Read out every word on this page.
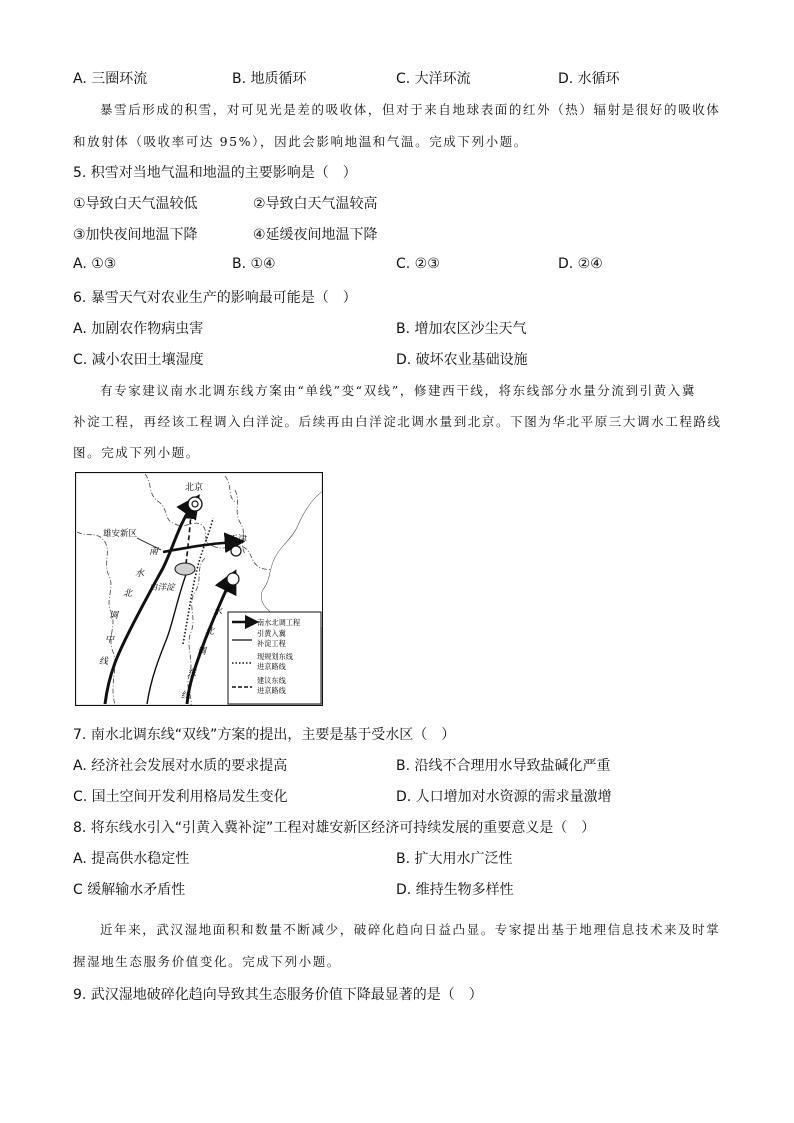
A. 三圈环流	B. 地质循环	C. 大洋环流	D. 水循环
暴雪后形成的积雪，对可见光是差的吸收体，但对于来自地球表面的红外（热）辐射是很好的吸收体
和放射体（吸收率可达 95%），因此会影响地温和气温。完成下列小题。
5. 积雪对当地气温和地温的主要影响是（　）
①导致白天气温较低	②导致白天气温较高
③加快夜间地温下降	④延缓夜间地温下降
A. ①③	B. ①④	C. ②③	D. ②④
6. 暴雪天气对农业生产的影响最可能是（　）
A. 加剧农作物病虫害	B. 增加农区沙尘天气
C. 减小农田土壤湿度	D. 破坏农业基础设施
有专家建议南水北调东线方案由“单线”变“双线”，修建西干线，将东线部分水量分流到引黄入冀
补淀工程，再经该工程调入白洋淀。后续再由白洋淀北调水量到北京。下图为华北平原三大调水工程路线
图。完成下列小题。
北京
天津
雄安新区
白洋淀
南
水
北
调
中
线
南
水
北
调
东
线
南水北调工程
引黄入冀
补淀工程
现规划东线
进京路线
建议东线
进京路线
7. 南水北调东线“双线”方案的提出，主要是基于受水区（　）
A. 经济社会发展对水质的要求提高	B. 沿线不合理用水导致盐碱化严重
C. 国土空间开发利用格局发生变化	D. 人口增加对水资源的需求量激增
8. 将东线水引入“引黄入冀补淀”工程对雄安新区经济可持续发展的重要意义是（　）
A. 提高供水稳定性	B. 扩大用水广泛性
C 缓解输水矛盾性	D. 维持生物多样性
近年来，武汉湿地面积和数量不断减少，破碎化趋向日益凸显。专家提出基于地理信息技术来及时掌
握湿地生态服务价值变化。完成下列小题。
9. 武汉湿地破碎化趋向导致其生态服务价值下降最显著的是（　）
